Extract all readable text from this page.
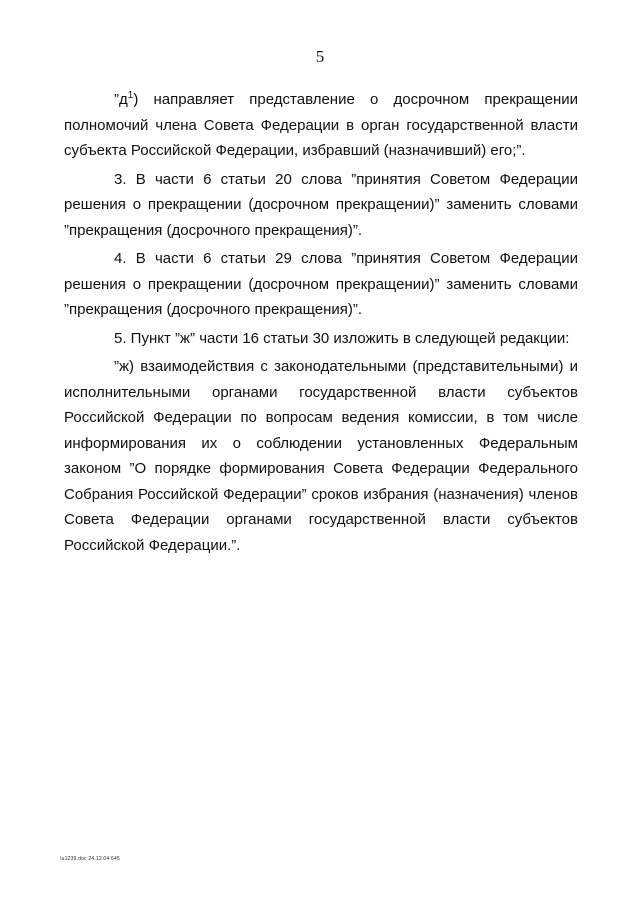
5

$”д^1$) направляет представление о досрочном прекращении полномочий члена Совета Федерации в орган государственной власти субъекта Российской Федерации, избравший (назначивший) его;”.

3. В части 6 статьи 20 слова ”принятия Советом Федерации решения о прекращении (досрочном прекращении)” заменить словами ”прекращения (досрочного прекращения)”.

4. В части 6 статьи 29 слова ”принятия Советом Федерации решения о прекращении (досрочном прекращении)” заменить словами ”прекращения (досрочного прекращения)”.

5. Пункт ”ж” части 16 статьи 30 изложить в следующей редакции:

”ж) взаимодействия с законодательными (представительными) и исполнительными органами государственной власти субъектов Российской Федерации по вопросам ведения комиссии, в том числе информирования их о соблюдении установленных Федеральным законом ”О порядке формирования Совета Федерации Федерального Собрания Российской Федерации” сроков избрания (назначения) членов Совета Федерации органами государственной власти субъектов Российской Федерации.”.

\u1239.doc 24.12.04 645
